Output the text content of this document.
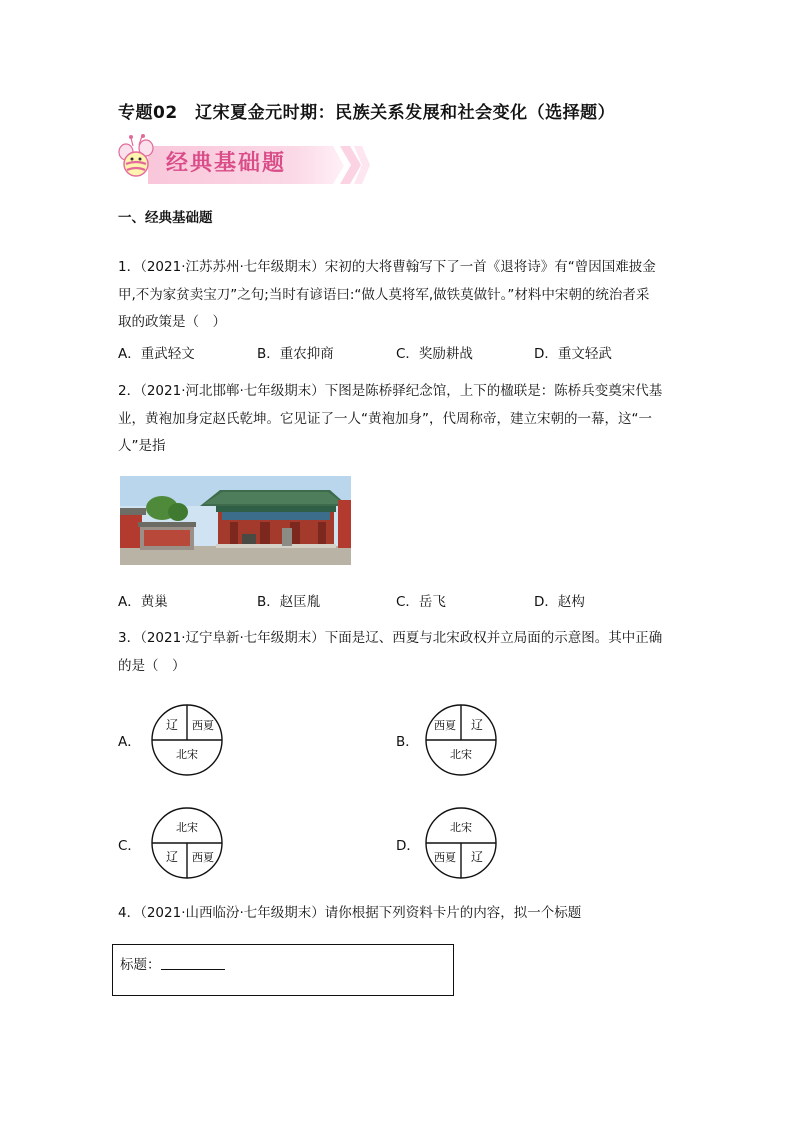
专题02　辽宋夏金元时期：民族关系发展和社会变化（选择题）
经典基础题
一、经典基础题
1．（2021·江苏苏州·七年级期末）宋初的大将曹翰写下了一首《退将诗》有“曾因国难披金
甲,不为家贫卖宝刀”之句;当时有谚语曰:“做人莫将军,做铁莫做针。”材料中宋朝的统治者采
取的政策是（　）
A．重武轻文	B．重农抑商	C．奖励耕战	D．重文轻武
2．（2021·河北邯郸·七年级期末）下图是陈桥驿纪念馆，上下的楹联是：陈桥兵变奠宋代基
业，黄袍加身定赵氏乾坤。它见证了一人“黄袍加身”，代周称帝，建立宋朝的一幕，这“一
人”是指
A．黄巢	B．赵匡胤	C．岳飞	D．赵构
3．（2021·辽宁阜新·七年级期末）下面是辽、西夏与北宋政权并立局面的示意图。其中正确
的是（　）
A．
辽 西夏
北宋
B．
西夏 辽
北宋
C．
北宋
辽 西夏
D．
北宋
西夏 辽
4．（2021·山西临汾·七年级期末）请你根据下列资料卡片的内容，拟一个标题
标题：
